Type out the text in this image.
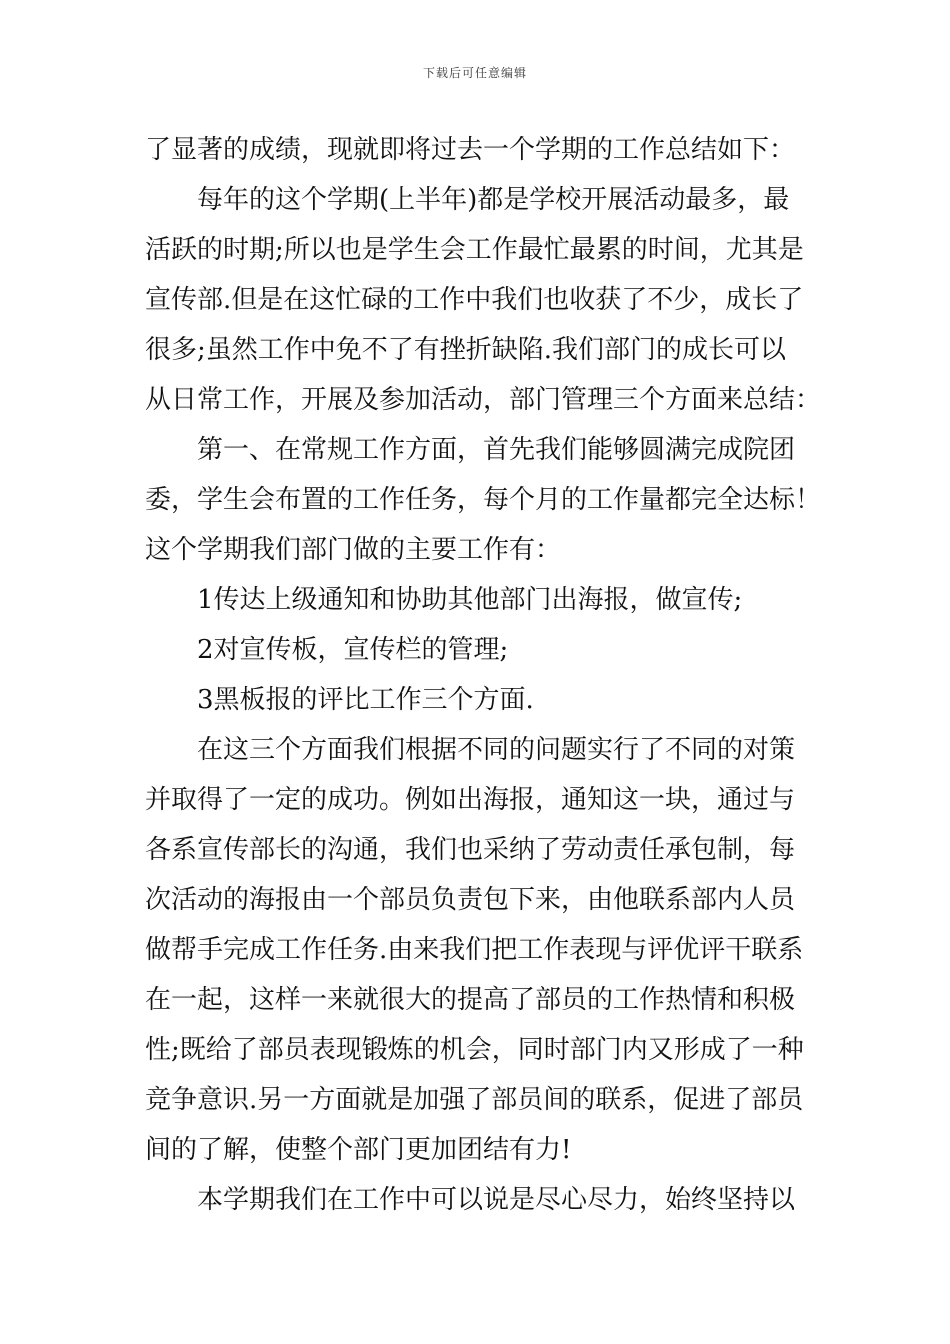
下载后可任意编辑
了显著的成绩，现就即将过去一个学期的工作总结如下：
　　每年的这个学期(上半年)都是学校开展活动最多，最
活跃的时期;所以也是学生会工作最忙最累的时间，尤其是
宣传部.但是在这忙碌的工作中我们也收获了不少，成长了
很多;虽然工作中免不了有挫折缺陷.我们部门的成长可以
从日常工作，开展及参加活动，部门管理三个方面来总结：
　　第一、在常规工作方面，首先我们能够圆满完成院团
委，学生会布置的工作任务，每个月的工作量都完全达标！
这个学期我们部门做的主要工作有：
　　1传达上级通知和协助其他部门出海报，做宣传;
　　2对宣传板，宣传栏的管理;
　　3黑板报的评比工作三个方面.
　　在这三个方面我们根据不同的问题实行了不同的对策
并取得了一定的成功。例如出海报，通知这一块，通过与
各系宣传部长的沟通，我们也采纳了劳动责任承包制，每
次活动的海报由一个部员负责包下来，由他联系部内人员
做帮手完成工作任务.由来我们把工作表现与评优评干联系
在一起，这样一来就很大的提高了部员的工作热情和积极
性;既给了部员表现锻炼的机会，同时部门内又形成了一种
竞争意识.另一方面就是加强了部员间的联系，促进了部员
间的了解，使整个部门更加团结有力!
　　本学期我们在工作中可以说是尽心尽力，始终坚持以
